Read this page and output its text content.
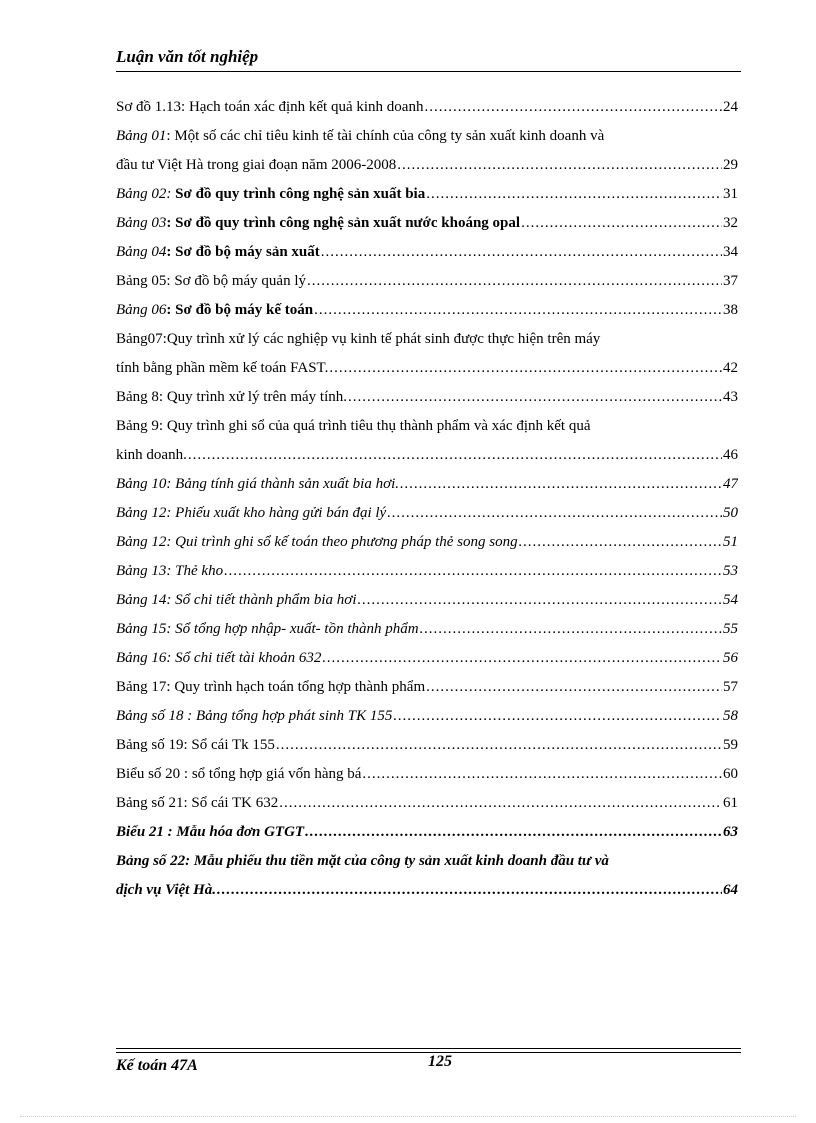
Luận văn tốt nghiệp
Sơ đồ 1.13: Hạch toán xác định kết quả kinh doanh .....	24
Bảng 01: Một số các chỉ tiêu kinh tế tài chính của công ty sản xuất kinh doanh và
đầu tư Việt Hà trong giai đoạn năm 2006-2008 .....	29
Bảng 02: Sơ đồ quy trình công nghệ sản xuất bia .....	31
Bảng 03: Sơ đồ quy trình công nghệ sản xuất nước khoáng opal .....	32
Bảng 04: Sơ đồ bộ máy sản xuất .....	34
Bảng 05: Sơ đồ bộ máy quản lý .....	37
Bảng 06: Sơ đồ bộ máy kế toán .....	38
Bảng07:Quy trình xử lý các nghiệp vụ kinh tế phát sinh được thực hiện trên máy
tính bằng phần mềm kế toán FAST. .....	42
Bảng 8: Quy trình xử lý trên máy tính. .....	43
Bảng 9: Quy trình ghi sổ của quá trình tiêu thụ thành phẩm và xác định kết quả
kinh doanh. .....	46
Bảng 10: Bảng tính giá thành sản xuất bia hơi. .....	47
Bảng 12: Phiếu xuất kho hàng gửi bán đại lý .....	50
Bảng 12: Qui trình ghi sổ kế toán theo phương pháp thẻ song song .....	51
Bảng 13: Thẻ kho .....	53
Bảng 14: Sổ chi tiết thành phẩm bia hơi .....	54
Bảng 15: Sổ tổng hợp nhập- xuất- tồn thành phẩm .....	55
Bảng 16: Sổ chi tiết tài khoản 632 .....	56
Bảng 17: Quy trình hạch toán tổng hợp thành phẩm .....	57
Bảng số 18 : Bảng tổng hợp phát sinh TK 155 .....	58
Bảng số 19: Sổ cái Tk 155 .....	59
Biểu số 20 : sổ tổng hợp giá vốn hàng bá .....	60
Bảng số 21: Sổ cái TK 632 .....	61
Biểu 21 : Mẫu hóa đơn GTGT .....	63
Bảng số 22: Mẫu phiếu thu tiền mặt của công ty sản xuất kinh doanh đầu tư và
dịch vụ Việt Hà. .....	64
Kế toán 47A	125
